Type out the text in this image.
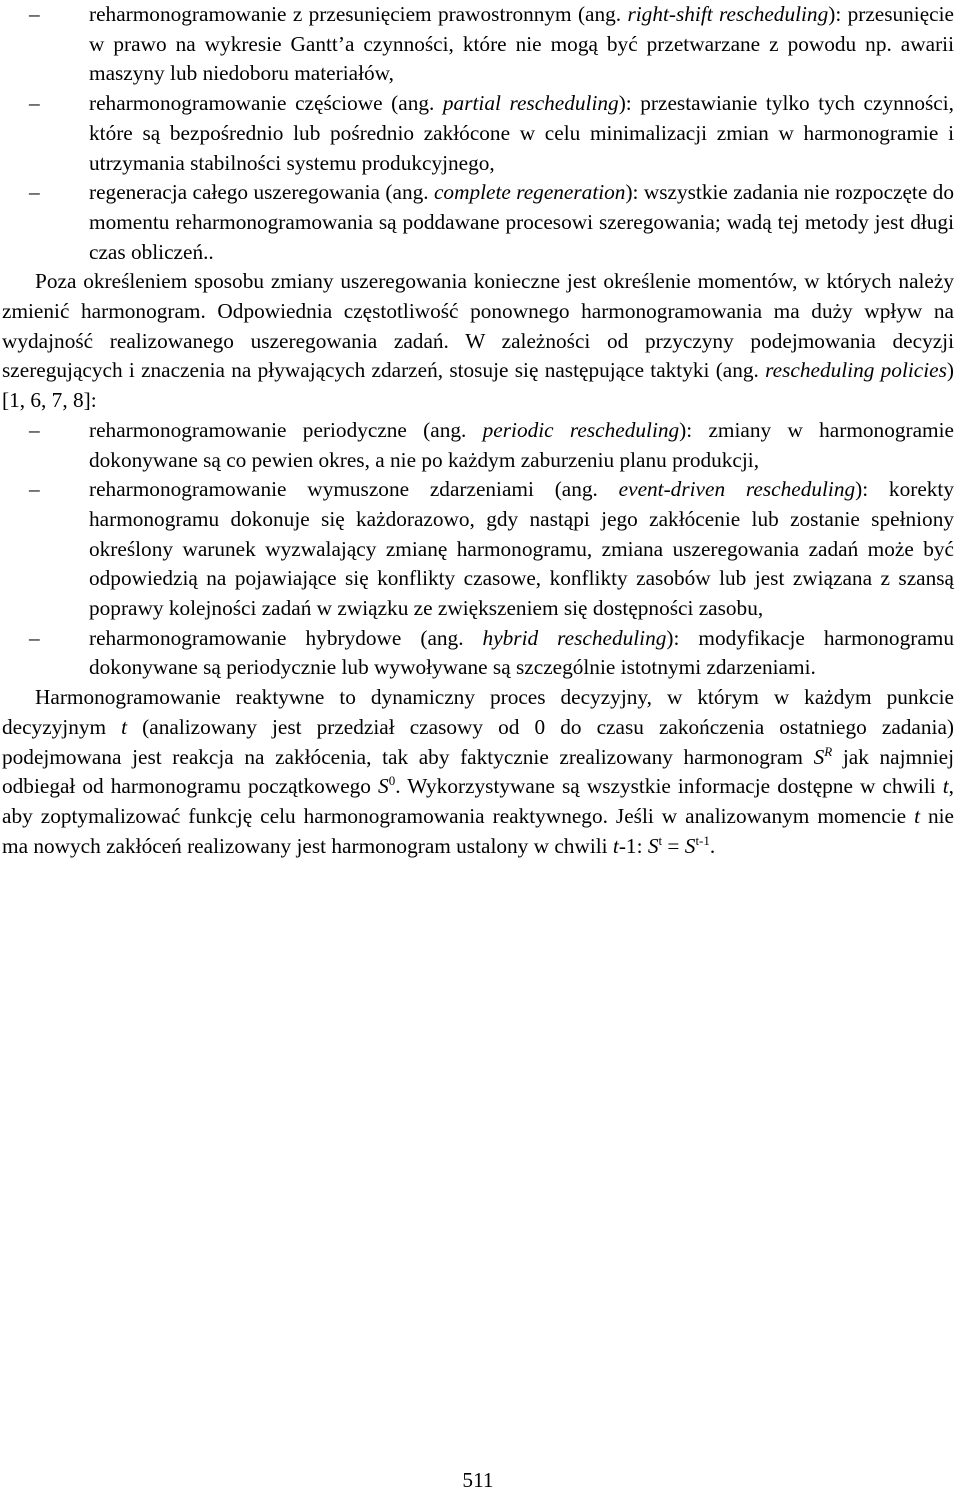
– reharmonogramowanie z przesunięciem prawostronnym (ang. right-shift rescheduling): przesunięcie w prawo na wykresie Gantt’a czynności, które nie mogą być przetwarzane z powodu np. awarii maszyny lub niedoboru materiałów,

– reharmonogramowanie częściowe (ang. partial rescheduling): przestawianie tylko tych czynności, które są bezpośrednio lub pośrednio zakłócone w celu minimalizacji zmian w harmonogramie i utrzymania stabilności systemu produkcyjnego,

– regeneracja całego uszeregowania (ang. complete regeneration): wszystkie zadania nie rozpoczęte do momentu reharmonogramowania są poddawane procesowi szeregowania; wadą tej metody jest długi czas obliczeń..

Poza określeniem sposobu zmiany uszeregowania konieczne jest określenie momentów, w których należy zmienić harmonogram. Odpowiednia częstotliwość ponownego harmonogramowania ma duży wpływ na wydajność realizowanego uszeregowania zadań. W zależności od przyczyny podejmowania decyzji szeregujących i znaczenia na pływających zdarzeń, stosuje się następujące taktyki (ang. rescheduling policies) [1, 6, 7, 8]:

– reharmonogramowanie periodyczne (ang. periodic rescheduling): zmiany w harmonogramie dokonywane są co pewien okres, a nie po każdym zaburzeniu planu produkcji,

– reharmonogramowanie wymuszone zdarzeniami (ang. event-driven rescheduling): korekty harmonogramu dokonuje się każdorazowo, gdy nastąpi jego zakłócenie lub zostanie spełniony określony warunek wyzwalający zmianę harmonogramu, zmiana uszeregowania zadań może być odpowiedzią na pojawiające się konflikty czasowe, konflikty zasobów lub jest związana z szansą poprawy kolejności zadań w związku ze zwiększeniem się dostępności zasobu,

– reharmonogramowanie hybrydowe (ang. hybrid rescheduling): modyfikacje harmonogramu dokonywane są periodycznie lub wywoływane są szczególnie istotnymi zdarzeniami.

Harmonogramowanie reaktywne to dynamiczny proces decyzyjny, w którym w każdym punkcie decyzyjnym t (analizowany jest przedział czasowy od 0 do czasu zakończenia ostatniego zadania) podejmowana jest reakcja na zakłócenia, tak aby faktycznie zrealizowany harmonogram $S^R$ jak najmniej odbiegał od harmonogramu początkowego $S^0$. Wykorzystywane są wszystkie informacje dostępne w chwili t, aby zoptymalizować funkcję celu harmonogramowania reaktywnego. Jeśli w analizowanym momencie t nie ma nowych zakłóceń realizowany jest harmonogram ustalony w chwili t-1: $S^t = S^{t-1}$.

511
